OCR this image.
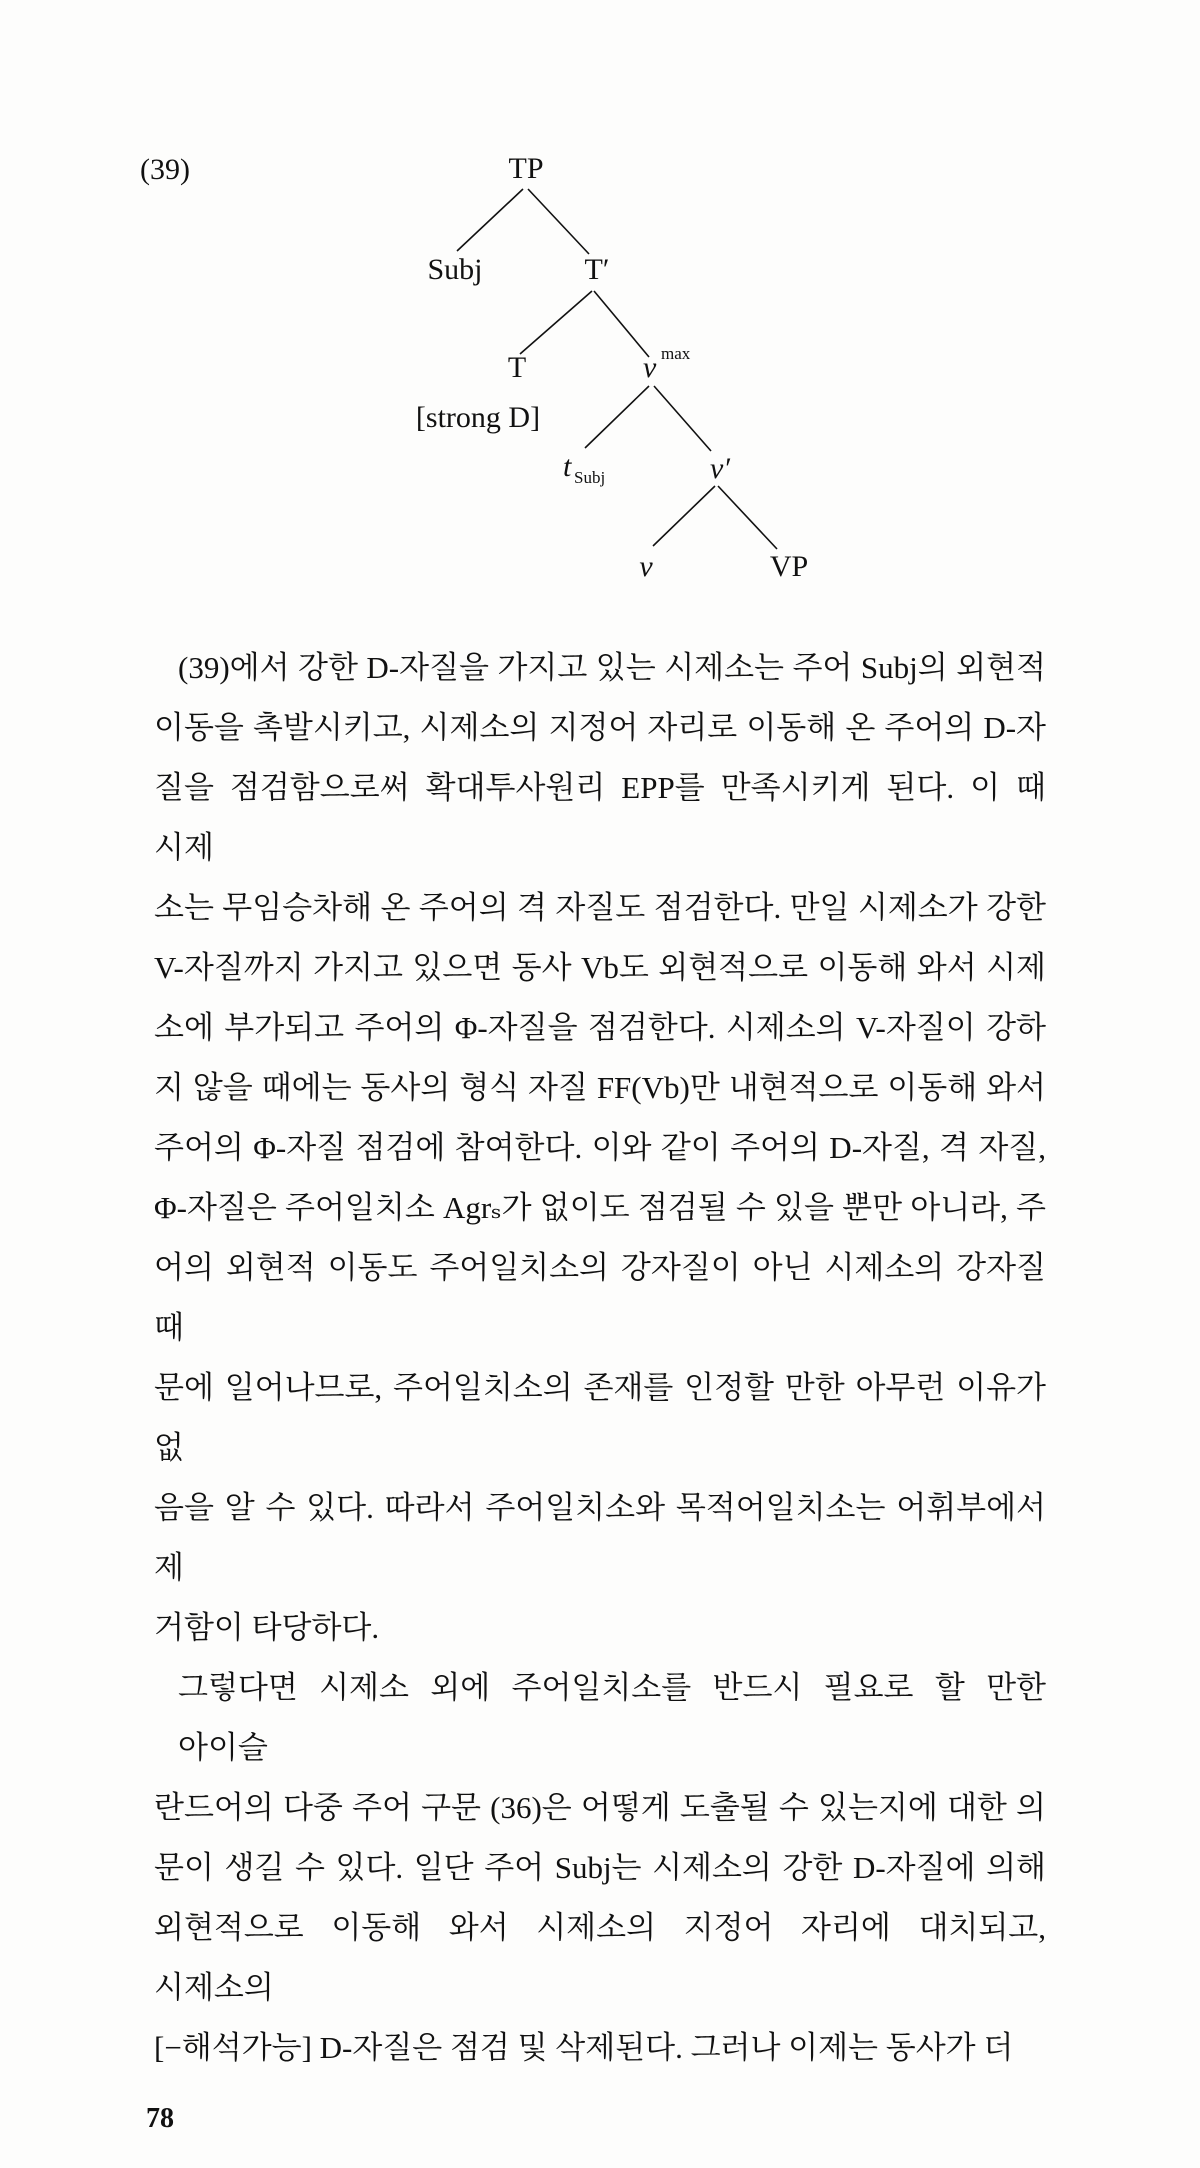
(39)	TP
Subj	T′
T	v max
[strong D]
t Subj	v′
v	VP
(39)에서 강한 D-자질을 가지고 있는 시제소는 주어 Subj의 외현적
이동을 촉발시키고, 시제소의 지정어 자리로 이동해 온 주어의 D-자
질을 점검함으로써 확대투사원리 EPP를 만족시키게 된다. 이 때 시제
소는 무임승차해 온 주어의 격 자질도 점검한다. 만일 시제소가 강한
V-자질까지 가지고 있으면 동사 Vb도 외현적으로 이동해 와서 시제
소에 부가되고 주어의 Φ-자질을 점검한다. 시제소의 V-자질이 강하
지 않을 때에는 동사의 형식 자질 FF(Vb)만 내현적으로 이동해 와서
주어의 Φ-자질 점검에 참여한다. 이와 같이 주어의 D-자질, 격 자질,
Φ-자질은 주어일치소 Agrₛ가 없이도 점검될 수 있을 뿐만 아니라, 주
어의 외현적 이동도 주어일치소의 강자질이 아닌 시제소의 강자질 때
문에 일어나므로, 주어일치소의 존재를 인정할 만한 아무런 이유가 없
음을 알 수 있다. 따라서 주어일치소와 목적어일치소는 어휘부에서 제
거함이 타당하다.
그렇다면 시제소 외에 주어일치소를 반드시 필요로 할 만한 아이슬
란드어의 다중 주어 구문 (36)은 어떻게 도출될 수 있는지에 대한 의
문이 생길 수 있다. 일단 주어 Subj는 시제소의 강한 D-자질에 의해
외현적으로 이동해 와서 시제소의 지정어 자리에 대치되고, 시제소의
[−해석가능] D-자질은 점검 및 삭제된다. 그러나 이제는 동사가 더
78
